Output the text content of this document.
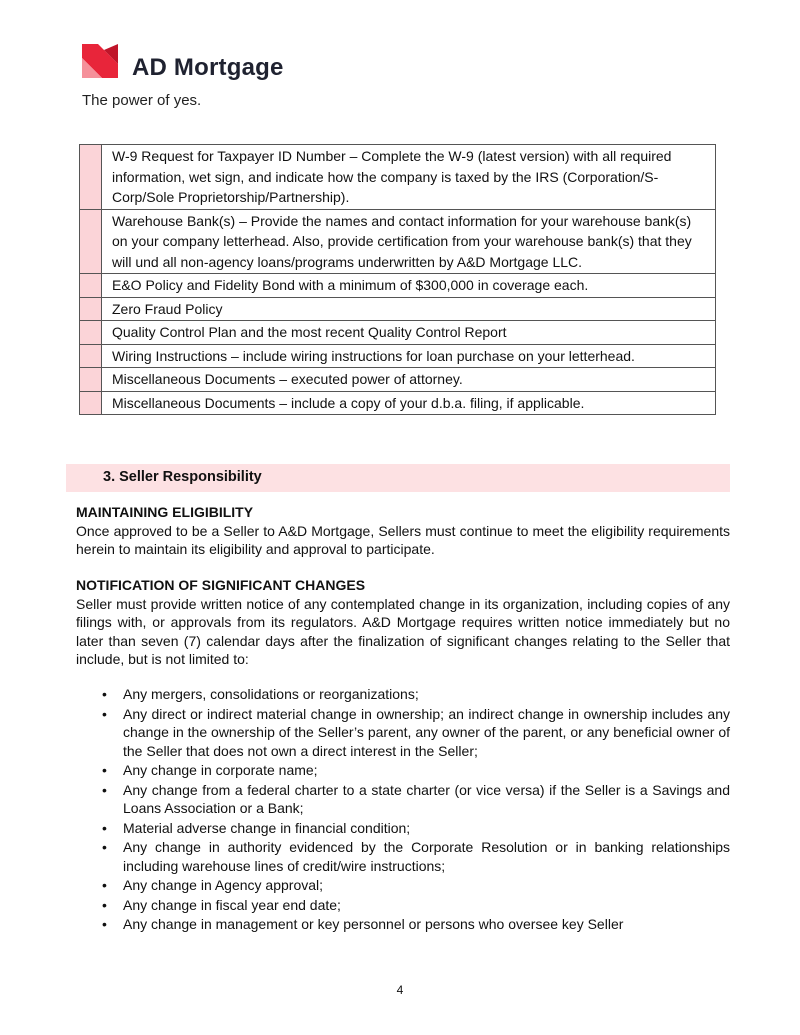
AD Mortgage
The power of yes.
	W-9 Request for Taxpayer ID Number – Complete the W-9 (latest version) with all required information, wet sign, and indicate how the company is taxed by the IRS (Corporation/S- Corp/Sole Proprietorship/Partnership).
	Warehouse Bank(s) – Provide the names and contact information for your warehouse bank(s) on your company letterhead. Also, provide certification from your warehouse bank(s) that they will und all non-agency loans/programs underwritten by A&D Mortgage LLC.
	E&O Policy and Fidelity Bond with a minimum of $300,000 in coverage each.
	Zero Fraud Policy
	Quality Control Plan and the most recent Quality Control Report
	Wiring Instructions – include wiring instructions for loan purchase on your letterhead.
	Miscellaneous Documents – executed power of attorney.
	Miscellaneous Documents – include a copy of your d.b.a. filing, if applicable.
3. Seller Responsibility

MAINTAINING ELIGIBILITY

Once approved to be a Seller to A&D Mortgage, Sellers must continue to meet the eligibility requirements herein to maintain its eligibility and approval to participate.

NOTIFICATION OF SIGNIFICANT CHANGES

Seller must provide written notice of any contemplated change in its organization, including copies of any filings with, or approvals from its regulators. A&D Mortgage requires written notice immediately but no later than seven (7) calendar days after the finalization of significant changes relating to the Seller that include, but is not limited to:

• Any mergers, consolidations or reorganizations;
• Any direct or indirect material change in ownership; an indirect change in ownership includes any change in the ownership of the Seller’s parent, any owner of the parent, or any beneficial owner of the Seller that does not own a direct interest in the Seller;
• Any change in corporate name;
• Any change from a federal charter to a state charter (or vice versa) if the Seller is a Savings and Loans Association or a Bank;
• Material adverse change in financial condition;
• Any change in authority evidenced by the Corporate Resolution or in banking relationships including warehouse lines of credit/wire instructions;
• Any change in Agency approval;
• Any change in fiscal year end date;
• Any change in management or key personnel or persons who oversee key Seller
4
